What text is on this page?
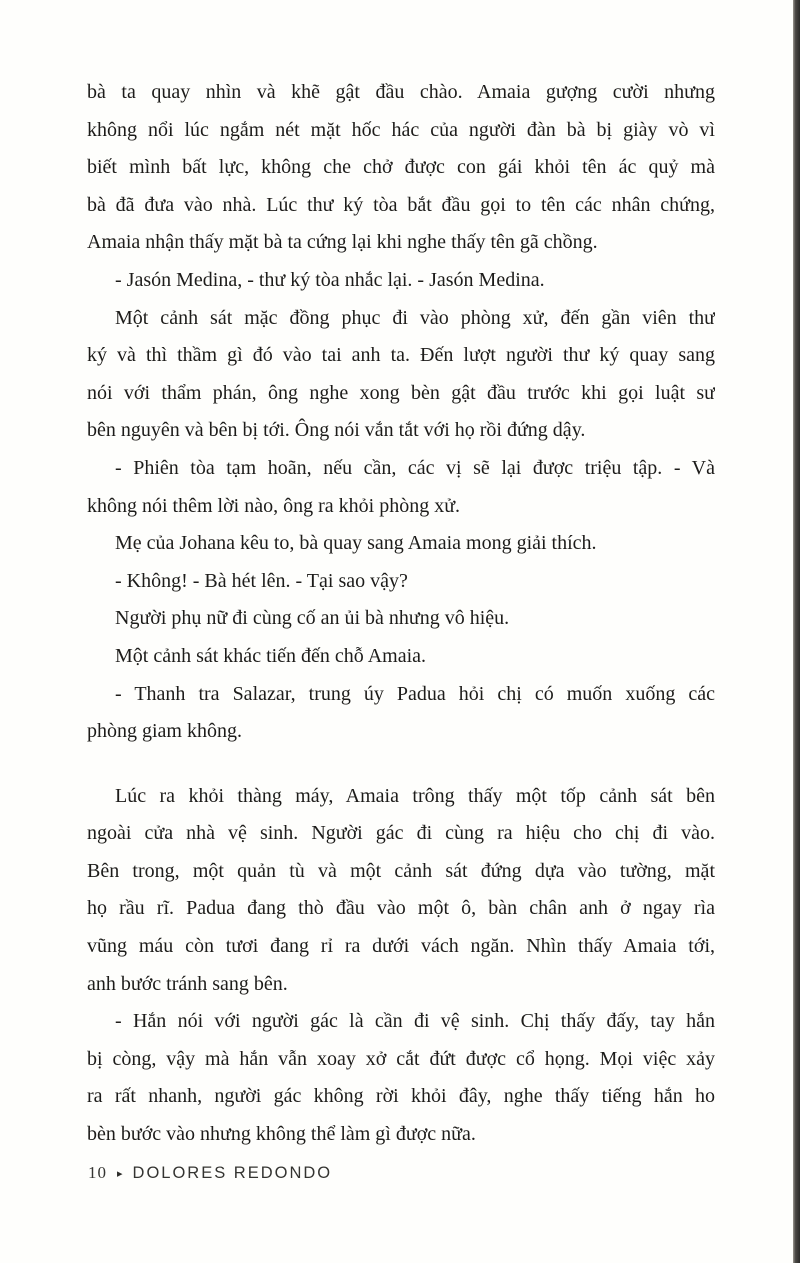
bà ta quay nhìn và khẽ gật đầu chào. Amaia gượng cười nhưng
không nổi lúc ngắm nét mặt hốc hác của người đàn bà bị giày vò vì
biết mình bất lực, không che chở được con gái khỏi tên ác quỷ mà
bà đã đưa vào nhà. Lúc thư ký tòa bắt đầu gọi to tên các nhân chứng,
Amaia nhận thấy mặt bà ta cứng lại khi nghe thấy tên gã chồng.
- Jasón Medina, - thư ký tòa nhắc lại. - Jasón Medina.
Một cảnh sát mặc đồng phục đi vào phòng xử, đến gần viên thư
ký và thì thầm gì đó vào tai anh ta. Đến lượt người thư ký quay sang
nói với thẩm phán, ông nghe xong bèn gật đầu trước khi gọi luật sư
bên nguyên và bên bị tới. Ông nói vắn tắt với họ rồi đứng dậy.
- Phiên tòa tạm hoãn, nếu cần, các vị sẽ lại được triệu tập. - Và
không nói thêm lời nào, ông ra khỏi phòng xử.
Mẹ của Johana kêu to, bà quay sang Amaia mong giải thích.
- Không! - Bà hét lên. - Tại sao vậy?
Người phụ nữ đi cùng cố an ủi bà nhưng vô hiệu.
Một cảnh sát khác tiến đến chỗ Amaia.
- Thanh tra Salazar, trung úy Padua hỏi chị có muốn xuống các
phòng giam không.
Lúc ra khỏi thàng máy, Amaia trông thấy một tốp cảnh sát bên
ngoài cửa nhà vệ sinh. Người gác đi cùng ra hiệu cho chị đi vào.
Bên trong, một quản tù và một cảnh sát đứng dựa vào tường, mặt
họ rầu rĩ. Padua đang thò đầu vào một ô, bàn chân anh ở ngay rìa
vũng máu còn tươi đang rỉ ra dưới vách ngăn. Nhìn thấy Amaia tới,
anh bước tránh sang bên.
- Hắn nói với người gác là cần đi vệ sinh. Chị thấy đấy, tay hắn
bị còng, vậy mà hắn vẫn xoay xở cắt đứt được cổ họng. Mọi việc xảy
ra rất nhanh, người gác không rời khỏi đây, nghe thấy tiếng hắn ho
bèn bước vào nhưng không thể làm gì được nữa.
10 ▸ DOLORES REDONDO
